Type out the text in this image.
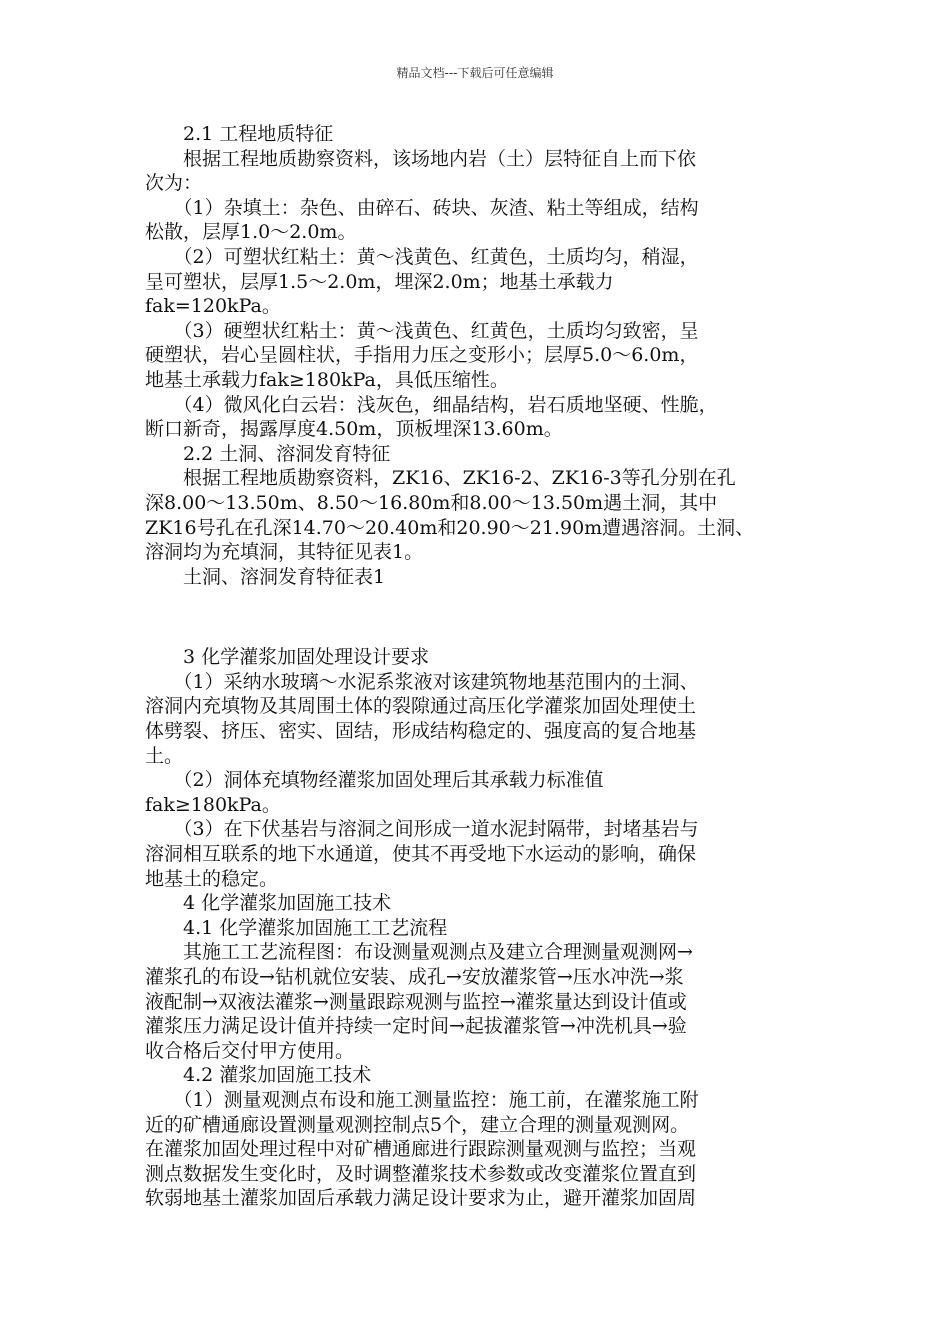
精品文档---下载后可任意编辑
　　2.1 工程地质特征
　　根据工程地质勘察资料，该场地内岩（土）层特征自上而下依
次为：
　　（1）杂填土：杂色、由碎石、砖块、灰渣、粘土等组成，结构
松散，层厚1.0～2.0m。
　　（2）可塑状红粘土：黄～浅黄色、红黄色，土质均匀，稍湿，
呈可塑状，层厚1.5～2.0m，埋深2.0m；地基土承载力
fak=120kPa。
　　（3）硬塑状红粘土：黄～浅黄色、红黄色，土质均匀致密，呈
硬塑状，岩心呈圆柱状，手指用力压之变形小；层厚5.0～6.0m，
地基土承载力fak≥180kPa，具低压缩性。
　　（4）微风化白云岩：浅灰色，细晶结构，岩石质地坚硬、性脆，
断口新奇，揭露厚度4.50m，顶板埋深13.60m。
　　2.2 土洞、溶洞发育特征
　　根据工程地质勘察资料，ZK16、ZK16-2、ZK16-3等孔分别在孔
深8.00～13.50m、8.50～16.80m和8.00～13.50m遇土洞，其中
ZK16号孔在孔深14.70～20.40m和20.90～21.90m遭遇溶洞。土洞、
溶洞均为充填洞，其特征见表1。
　　土洞、溶洞发育特征表1
　　3 化学灌浆加固处理设计要求
　　（1）采纳水玻璃～水泥系浆液对该建筑物地基范围内的土洞、
溶洞内充填物及其周围土体的裂隙通过高压化学灌浆加固处理使土
体劈裂、挤压、密实、固结，形成结构稳定的、强度高的复合地基
土。
　　（2）洞体充填物经灌浆加固处理后其承载力标准值
fak≥180kPa。
　　（3）在下伏基岩与溶洞之间形成一道水泥封隔带，封堵基岩与
溶洞相互联系的地下水通道，使其不再受地下水运动的影响，确保
地基土的稳定。
　　4 化学灌浆加固施工技术
　　4.1 化学灌浆加固施工工艺流程
　　其施工工艺流程图：布设测量观测点及建立合理测量观测网→
灌浆孔的布设→钻机就位安装、成孔→安放灌浆管→压水冲洗→浆
液配制→双液法灌浆→测量跟踪观测与监控→灌浆量达到设计值或
灌浆压力满足设计值并持续一定时间→起拔灌浆管→冲洗机具→验
收合格后交付甲方使用。
　　4.2 灌浆加固施工技术
　　（1）测量观测点布设和施工测量监控：施工前，在灌浆施工附
近的矿槽通廊设置测量观测控制点5个，建立合理的测量观测网。
在灌浆加固处理过程中对矿槽通廊进行跟踪测量观测与监控；当观
测点数据发生变化时，及时调整灌浆技术参数或改变灌浆位置直到
软弱地基土灌浆加固后承载力满足设计要求为止，避开灌浆加固周
